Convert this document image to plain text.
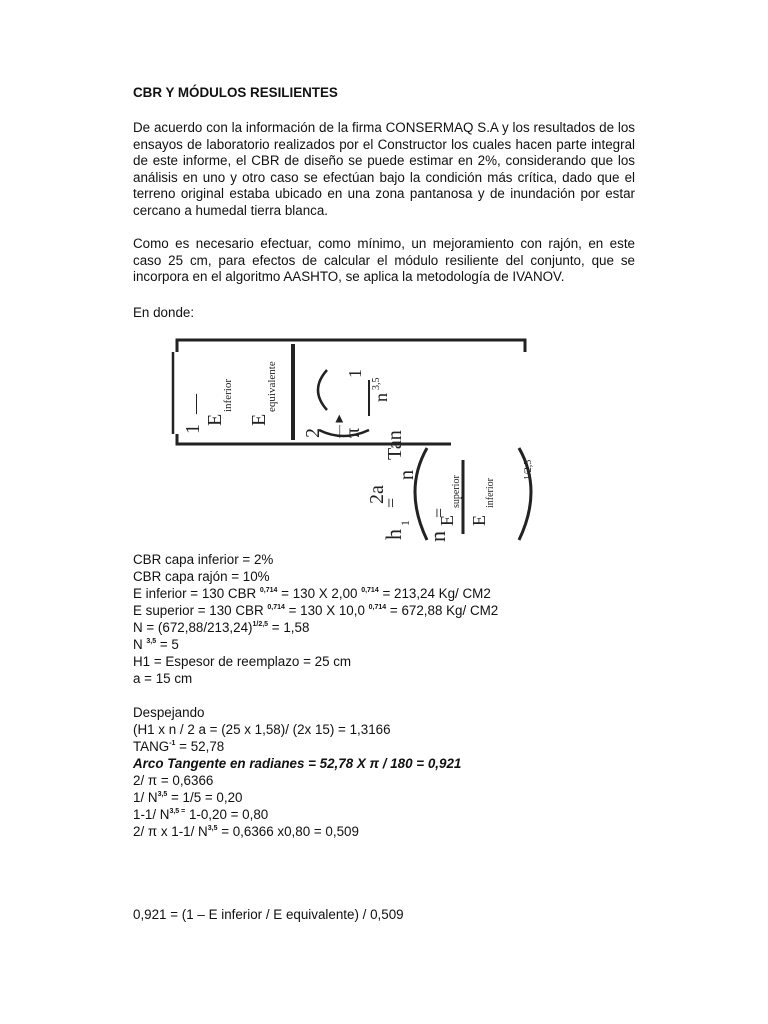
CBR Y MÓDULOS RESILIENTES

De acuerdo con la información de la firma CONSERMAQ S.A y los resultados de los ensayos de laboratorio realizados por el Constructor los cuales hacen parte integral de este informe, el CBR de diseño se puede estimar en 2%, considerando que los análisis en uno y otro caso se efectúan bajo la condición más crítica, dado que el terreno original estaba ubicado en una zona pantanosa y de inundación por estar cercano a humedal tierra blanca.

Como es necesario efectuar, como mínimo, un mejoramiento con rajón, en este caso 25 cm, para efectos de calcular el módulo resiliente del conjunto, que se incorpora en el algoritmo AASHTO, se aplica la metodología de IVANOV.

En donde:
CBR capa inferior = 2%
CBR capa rajón = 10%
E inferior = 130 CBR $^{0,714}$ = 130 X 2,00 $^{0,714}$ = 213,24 Kg/ CM2
E superior = 130 CBR $^{0,714}$ = 130 X 10,0 $^{0,714}$ = 672,88 Kg/ CM2
$N = (672,88/213,24)^{1/2,5} = 1,58$
N $^{3,5}$ = 5
H1 = Espesor de reemplazo = 25 cm
a = 15 cm
Despejando
(H1 x n / 2 a = (25 x 1,58)/ (2x 15) = 1,3166
$TANG^{-1} = 52,78$
Arco Tangente en radianes = 52,78 X π / 180 = 0,921
2/ π = 0,6366
1/ N$^{3,5}$ = 1/5 = 0,20
1-1/ $N^{3,5 =}$ 1-0,20 = 0,80
2/ π x 1-1/ N$^{3,5}$ = 0,6366 x0,80 = 0,509
0,921 = (1 – E inferior / E equivalente) / 0,509
E
inferior
1
—
E
equivalente
2 π
—►
1
n
3,5
h
1
=
2a
n
Tan
n
=
E
superior
E
inferior
1/2,5
